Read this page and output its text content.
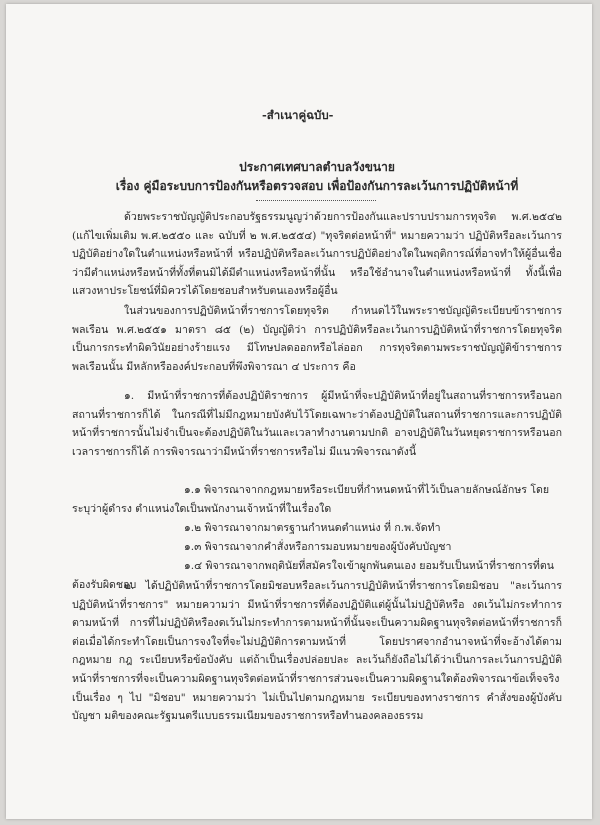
-สำเนาคู่ฉบับ-
ประกาศเทศบาลตำบลวังขนาย
เรื่อง คู่มือระบบการป้องกันหรือตรวจสอบ เพื่อป้องกันการละเว้นการปฏิบัติหน้าที่

ด้วยพระราชบัญญัติประกอบรัฐธรรมนูญว่าด้วยการป้องกันและปราบปรามการทุจริต พ.ศ.๒๕๔๒ (แก้ไขเพิ่มเติม พ.ศ.๒๕๕๐ และ ฉบับที่ ๒ พ.ศ.๒๕๕๔) "ทุจริตต่อหน้าที่" หมายความว่า ปฏิบัติหรือละเว้นการปฏิบัติอย่างใดในตำแหน่งหรือหน้าที่ หรือปฏิบัติหรือละเว้นการปฏิบัติอย่างใดในพฤติการณ์ที่อาจทำให้ผู้อื่นเชื่อว่ามีตำแหน่งหรือหน้าที่ทั้งที่ตนมิได้มีตำแหน่งหรือหน้าที่นั้น หรือใช้อำนาจในตำแหน่งหรือหน้าที่ ทั้งนี้เพื่อแสวงหาประโยชน์ที่มิควรได้โดยชอบสำหรับตนเองหรือผู้อื่น

ในส่วนของการปฏิบัติหน้าที่ราชการโดยทุจริต กำหนดไว้ในพระราชบัญญัติระเบียบข้าราชการพลเรือน พ.ศ.๒๕๕๑ มาตรา ๘๕ (๒) บัญญัติว่า การปฏิบัติหรือละเว้นการปฏิบัติหน้าที่ราชการโดยทุจริตเป็นการกระทำผิดวินัยอย่างร้ายแรง มีโทษปลดออกหรือไล่ออก การทุจริตตามพระราชบัญญัติข้าราชการพลเรือนนั้น มีหลักหรือองค์ประกอบที่พึงพิจารณา ๔ ประการ คือ

๑. มีหน้าที่ราชการที่ต้องปฏิบัติราชการ ผู้มีหน้าที่จะปฏิบัติหน้าที่อยู่ในสถานที่ราชการหรือนอกสถานที่ราชการก็ได้ ในกรณีที่ไม่มีกฎหมายบังคับไว้โดยเฉพาะว่าต้องปฏิบัติในสถานที่ราชการและการปฏิบัติหน้าที่ราชการนั้นไม่จำเป็นจะต้องปฏิบัติในวันและเวลาทำงานตามปกติ อาจปฏิบัติในวันหยุดราชการหรือนอกเวลาราชการก็ได้ การพิจารณาว่ามีหน้าที่ราชการหรือไม่ มีแนวพิจารณาดังนี้

๑.๑ พิจารณาจากกฎหมายหรือระเบียบที่กำหนดหน้าที่ไว้เป็นลายลักษณ์อักษร โดยระบุว่าผู้ดำรง ตำแหน่งใดเป็นพนักงานเจ้าหน้าที่ในเรื่องใด

๑.๒ พิจารณาจากมาตรฐานกำหนดตำแหน่ง ที่ ก.พ.จัดทำ

๑.๓ พิจารณาจากคำสั่งหรือการมอบหมายของผู้บังคับบัญชา

๑.๔ พิจารณาจากพฤตินัยที่สมัครใจเข้าผูกพันตนเอง ยอมรับเป็นหน้าที่ราชการที่ตนต้องรับผิดชอบ

๒. ได้ปฏิบัติหน้าที่ราชการโดยมิชอบหรือละเว้นการปฏิบัติหน้าที่ราชการโดยมิชอบ "ละเว้นการปฏิบัติหน้าที่ราชการ" หมายความว่า มีหน้าที่ราชการที่ต้องปฏิบัติแต่ผู้นั้นไม่ปฏิบัติหรือ งดเว้นไม่กระทำการตามหน้าที่ การที่ไม่ปฏิบัติหรืองดเว้นไม่กระทำการตามหน้าที่นั้นจะเป็นความผิดฐานทุจริตต่อหน้าที่ราชการก็ต่อเมื่อได้กระทำโดยเป็นการจงใจที่จะไม่ปฏิบัติการตามหน้าที่ โดยปราศจากอำนาจหน้าที่จะอ้างได้ตามกฎหมาย กฎ ระเบียบหรือข้อบังคับ แต่ถ้าเป็นเรื่องปล่อยปละ ละเว้นก็ยังถือไม่ได้ว่าเป็นการละเว้นการปฏิบัติหน้าที่ราชการที่จะเป็นความผิดฐานทุจริตต่อหน้าที่ราชการส่วนจะเป็นความผิดฐานใดต้องพิจารณาข้อเท็จจริงเป็นเรื่อง ๆ ไป "มิชอบ" หมายความว่า ไม่เป็นไปตามกฎหมาย ระเบียบของทางราชการ คำสั่งของผู้บังคับบัญชา มติของคณะรัฐมนตรีแบบธรรมเนียมของราชการหรือทำนองคลองธรรม
